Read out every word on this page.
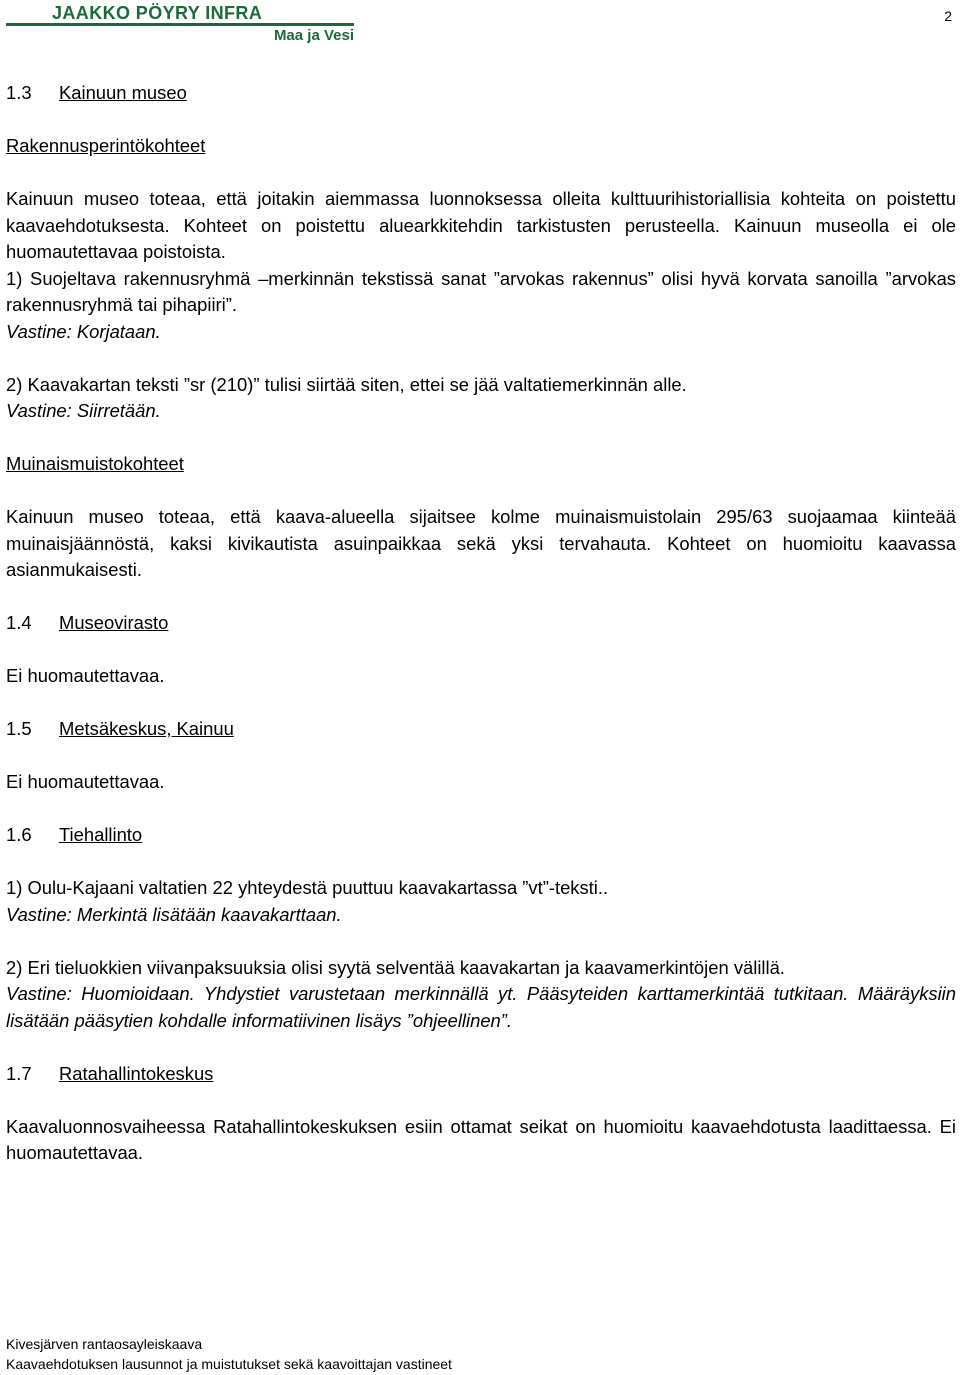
JAAKKO PÖYRY INFRA
Maa ja Vesi
2

1.3 Kainuun museo

Rakennusperintökohteet

Kainuun museo toteaa, että joitakin aiemmassa luonnoksessa olleita kulttuurihistoriallisia kohteita on poistettu kaavaehdotuksesta. Kohteet on poistettu aluearkkitehdin tarkistusten perusteella. Kainuun museolla ei ole huomautettavaa poistoista.

1) Suojeltava rakennusryhmä –merkinnän tekstissä sanat ”arvokas rakennus” olisi hyvä korvata sanoilla ”arvokas rakennusryhmä tai pihapiiri”.

Vastine: Korjataan.

2) Kaavakartan teksti ”sr (210)” tulisi siirtää siten, ettei se jää valtatiemerkinnän alle.

Vastine: Siirretään.

Muinaismuistokohteet

Kainuun museo toteaa, että kaava-alueella sijaitsee kolme muinaismuistolain 295/63 suojaamaa kiinteää muinaisjäännöstä, kaksi kivikautista asuinpaikkaa sekä yksi tervahauta. Kohteet on huomioitu kaavassa asianmukaisesti.

1.4 Museovirasto

Ei huomautettavaa.

1.5 Metsäkeskus, Kainuu

Ei huomautettavaa.

1.6 Tiehallinto

1) Oulu-Kajaani valtatien 22 yhteydestä puuttuu kaavakartassa ”vt”-teksti..

Vastine: Merkintä lisätään kaavakarttaan.

2) Eri tieluokkien viivanpaksuuksia olisi syytä selventää kaavakartan ja kaavamerkintöjen välillä.

Vastine: Huomioidaan. Yhdystiet varustetaan merkinnällä yt. Pääsyteiden karttamerkintää tutkitaan. Määräyksiin lisätään pääsytien kohdalle informatiivinen lisäys ”ohjeellinen”.

1.7 Ratahallintokeskus

Kaavaluonnosvaiheessa Ratahallintokeskuksen esiin ottamat seikat on huomioitu kaavaehdotusta laadittaessa. Ei huomautettavaa.

Kivesjärven rantaosayleiskaava
Kaavaehdotuksen lausunnot ja muistutukset sekä kaavoittajan vastineet
